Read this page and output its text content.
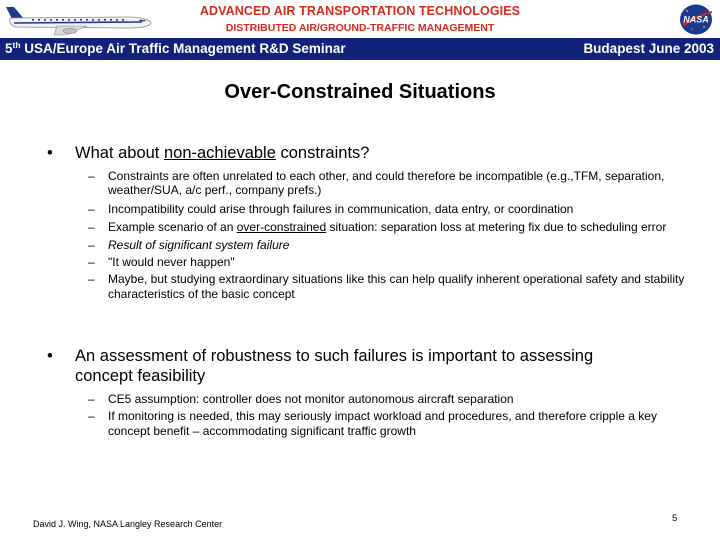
NASA
ADVANCED AIR TRANSPORTATION TECHNOLOGIES
DISTRIBUTED AIR/GROUND-TRAFFIC MANAGEMENT
5th USA/Europe Air Traffic Management R&D Seminar	Budapest June 2003
Over-Constrained Situations
• What about non-achievable constraints?
– Constraints are often unrelated to each other, and could therefore be incompatible (e.g.,TFM, separation, weather/SUA, a/c perf., company prefs.)
– Incompatibility could arise through failures in communication, data entry, or coordination
– Example scenario of an over-constrained situation: separation loss at metering fix due to scheduling error
– Result of significant system failure
– "It would never happen"
– Maybe, but studying extraordinary situations like this can help qualify inherent operational safety and stability characteristics of the basic concept
• An assessment of robustness to such failures is important to assessing concept feasibility
– CE5 assumption: controller does not monitor autonomous aircraft separation
– If monitoring is needed, this may seriously impact workload and procedures, and therefore cripple a key concept benefit – accommodating significant traffic growth
David J. Wing, NASA Langley Research Center	5
